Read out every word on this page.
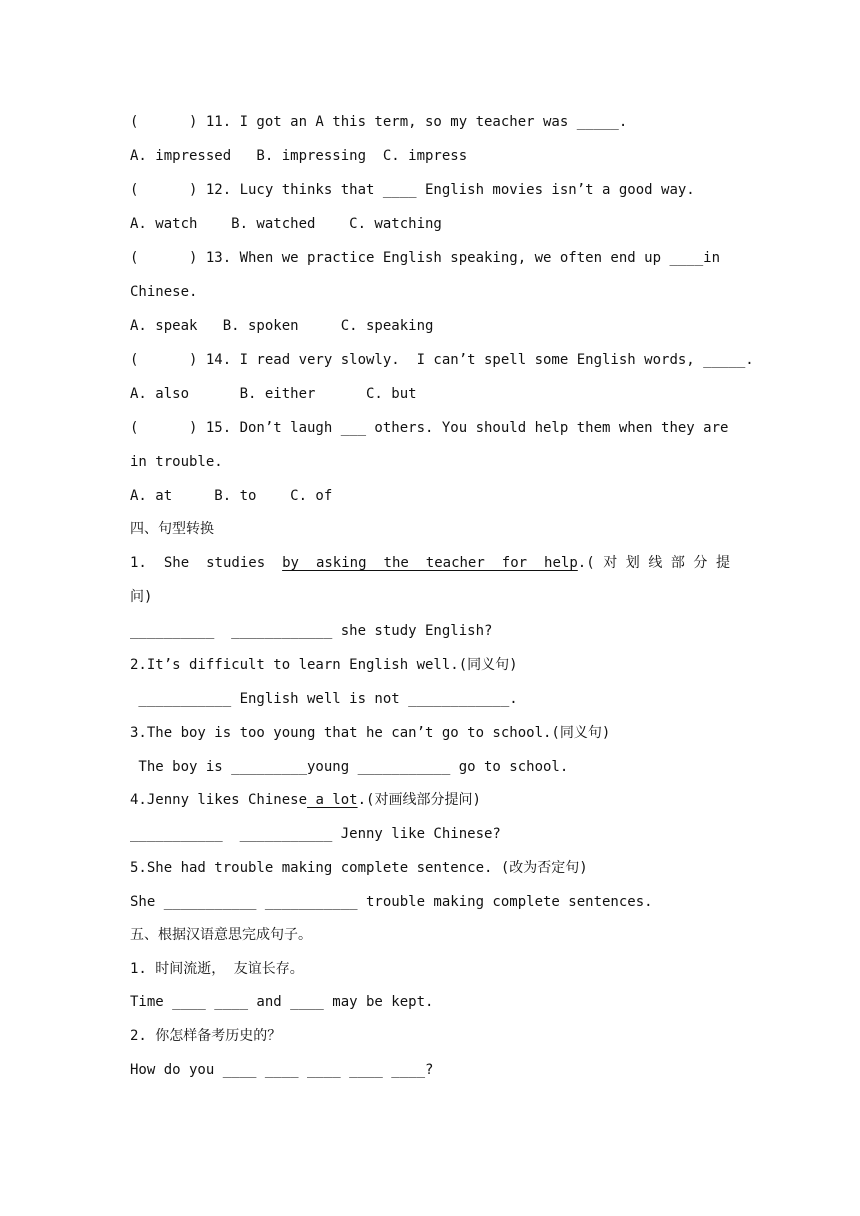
(      ) 11. I got an A this term, so my teacher was _____.
A. impressed   B. impressing  C. impress
(      ) 12. Lucy thinks that ____ English movies isn’t a good way.
A. watch    B. watched    C. watching
(      ) 13. When we practice English speaking, we often end up ____in
Chinese.
A. speak   B. spoken     C. speaking
(      ) 14. I read very slowly.  I can’t spell some English words, _____.
A. also      B. either      C. but
(      ) 15. Don’t laugh ___ others. You should help them when they are
in trouble.
A. at     B. to    C. of
四、句型转换
1. She studies by asking the teacher for help.(对划线部分提
问)
__________  ____________ she study English?
2.It’s difficult to learn English well.(同义句)
___________ English well is not ____________.
3.The boy is too young that he can’t go to school.(同义句)
The boy is _________young ___________ go to school.
4.Jenny likes Chinese a lot.(对画线部分提问)
___________  ___________ Jenny like Chinese?
5.She had trouble making complete sentence. (改为否定句)
She ___________ ___________ trouble making complete sentences.
五、根据汉语意思完成句子。
1. 时间流逝， 友谊长存。
Time ____ ____ and ____ may be kept.
2. 你怎样备考历史的？
How do you ____ ____ ____ ____ ____?
